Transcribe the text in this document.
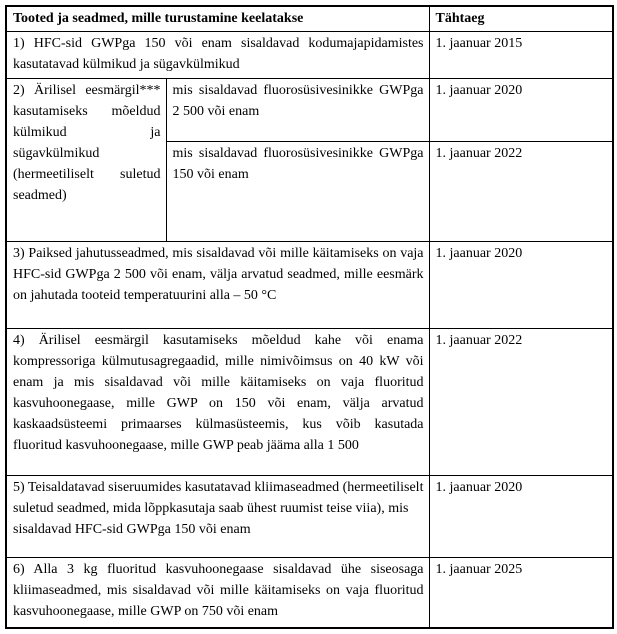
Tooted ja seadmed, mille turustamine keelatakse		Tähtaeg
1) HFC-sid GWPga 150 või enam sisaldavad kodumajapidamistes kasutatavad külmikud ja sügavkülmikud		1. jaanuar 2015
2) Ärilisel eesmärgil*** kasutamiseks mõeldud külmikud ja sügavkülmikud (hermeetiliselt suletud seadmed)	mis sisaldavad fluorosüsivesinikke GWPga 2 500 või enam	1. jaanuar 2020
	mis sisaldavad fluorosüsivesinikke GWPga 150 või enam	1. jaanuar 2022
3) Paiksed jahutusseadmed, mis sisaldavad või mille käitamiseks on vaja HFC-sid GWPga 2 500 või enam, välja arvatud seadmed, mille eesmärk on jahutada tooteid temperatuurini alla – 50 °C		1. jaanuar 2020
4) Ärilisel eesmärgil kasutamiseks mõeldud kahe või enama kompressoriga külmutusagregaadid, mille nimivõimsus on 40 kW või enam ja mis sisaldavad või mille käitamiseks on vaja fluoritud kasvuhoonegaase, mille GWP on 150 või enam, välja arvatud kaskaadsüsteemi primaarses külmasüsteemis, kus võib kasutada fluoritud kasvuhoonegaase, mille GWP peab jääma alla 1 500		1. jaanuar 2022
5) Teisaldatavad siseruumides kasutatavad kliimaseadmed (hermeetiliselt suletud seadmed, mida lõppkasutaja saab ühest ruumist teise viia), mis sisaldavad HFC-sid GWPga 150 või enam		1. jaanuar 2020
6) Alla 3 kg fluoritud kasvuhoonegaase sisaldavad ühe siseosaga kliimaseadmed, mis sisaldavad või mille käitamiseks on vaja fluoritud kasvuhoonegaase, mille GWP on 750 või enam		1. jaanuar 2025
